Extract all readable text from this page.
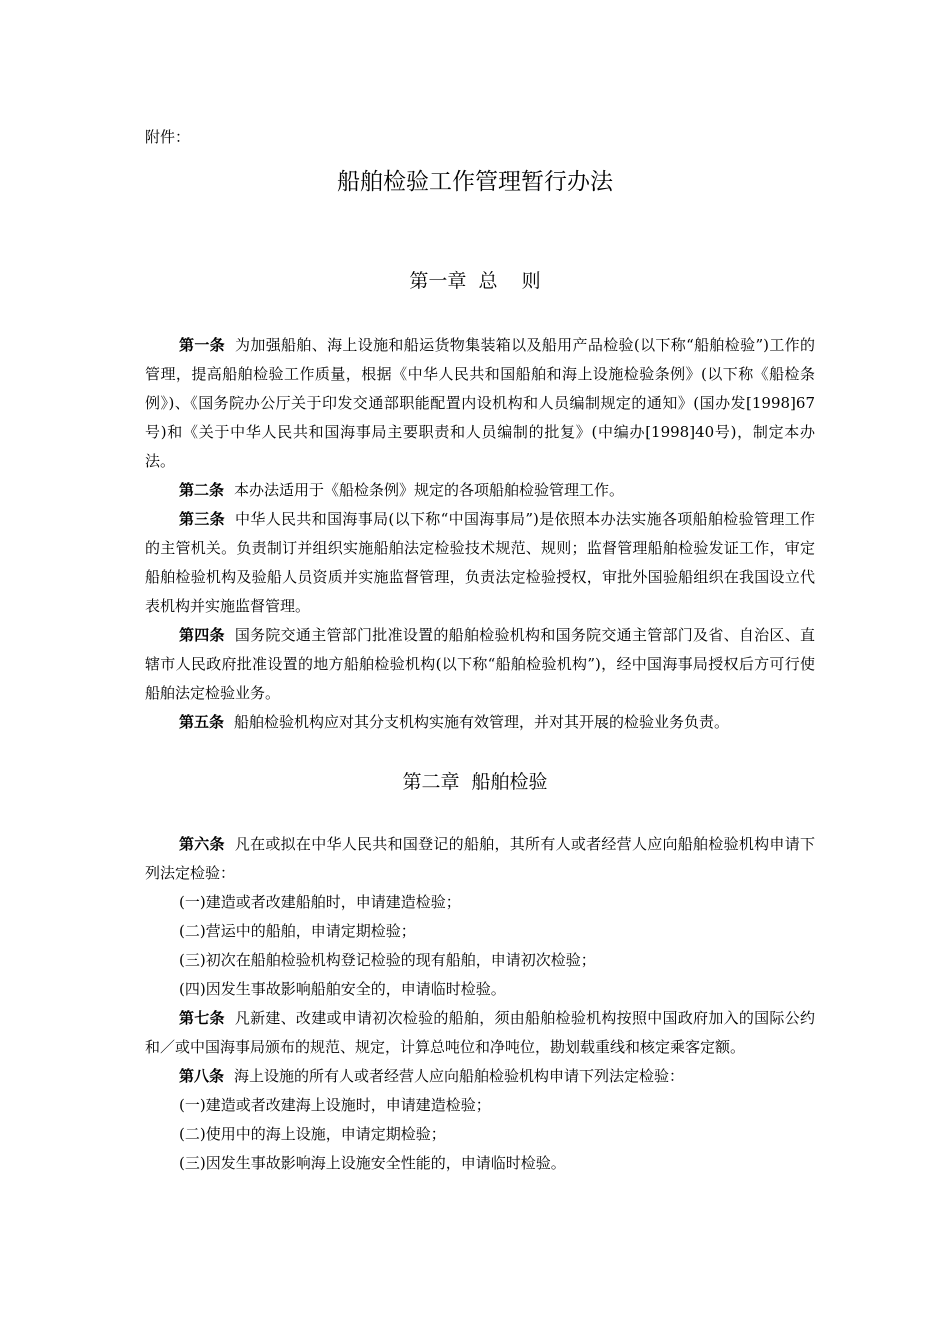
附件：
船舶检验工作管理暂行办法
第一章  总    则

第一条 为加强船舶、海上设施和船运货物集装箱以及船用产品检验(以下称“船舶检验”)工作的管理，提高船舶检验工作质量，根据《中华人民共和国船舶和海上设施检验条例》(以下称《船检条例》)、《国务院办公厅关于印发交通部职能配置内设机构和人员编制规定的通知》(国办发[1998]67号)和《关于中华人民共和国海事局主要职责和人员编制的批复》(中编办[1998]40号)，制定本办法。

第二条 本办法适用于《船检条例》规定的各项船舶检验管理工作。

第三条 中华人民共和国海事局(以下称“中国海事局”)是依照本办法实施各项船舶检验管理工作的主管机关。负责制订并组织实施船舶法定检验技术规范、规则；监督管理船舶检验发证工作，审定船舶检验机构及验船人员资质并实施监督管理，负责法定检验授权，审批外国验船组织在我国设立代表机构并实施监督管理。

第四条 国务院交通主管部门批准设置的船舶检验机构和国务院交通主管部门及省、自治区、直辖市人民政府批准设置的地方船舶检验机构(以下称“船舶检验机构”)，经中国海事局授权后方可行使船舶法定检验业务。

第五条 船舶检验机构应对其分支机构实施有效管理，并对其开展的检验业务负责。

第二章  船舶检验

第六条 凡在或拟在中华人民共和国登记的船舶，其所有人或者经营人应向船舶检验机构申请下列法定检验：

(一)建造或者改建船舶时，申请建造检验；

(二)营运中的船舶，申请定期检验；

(三)初次在船舶检验机构登记检验的现有船舶，申请初次检验；

(四)因发生事故影响船舶安全的，申请临时检验。

第七条 凡新建、改建或申请初次检验的船舶，须由船舶检验机构按照中国政府加入的国际公约和／或中国海事局颁布的规范、规定，计算总吨位和净吨位，勘划载重线和核定乘客定额。

第八条 海上设施的所有人或者经营人应向船舶检验机构申请下列法定检验：

(一)建造或者改建海上设施时，申请建造检验；

(二)使用中的海上设施，申请定期检验；

(三)因发生事故影响海上设施安全性能的，申请临时检验。
